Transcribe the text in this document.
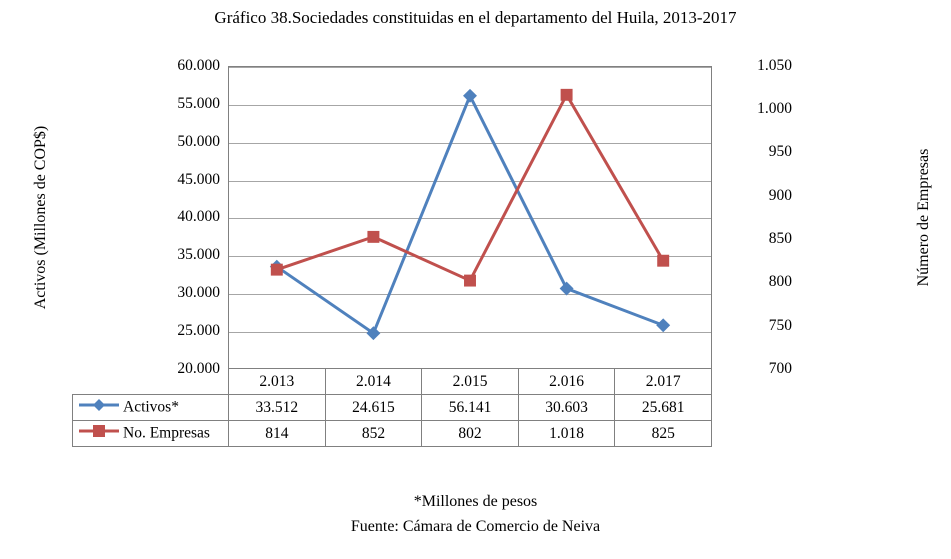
Gráfico 38.Sociedades constituidas en el departamento del Huila, 2013-2017
Activos (Millones de COP$)	Número de Empresas
20.000
25.000
30.000
35.000
40.000
45.000
50.000
55.000
60.000
700
750
800
850
900
950
1.000
1.050
	2.013	2.014	2.015	2.016	2.017
Activos*	33.512	24.615	56.141	30.603	25.681
No. Empresas	814	852	802	1.018	825
*Millones de pesos
Fuente: Cámara de Comercio de Neiva
